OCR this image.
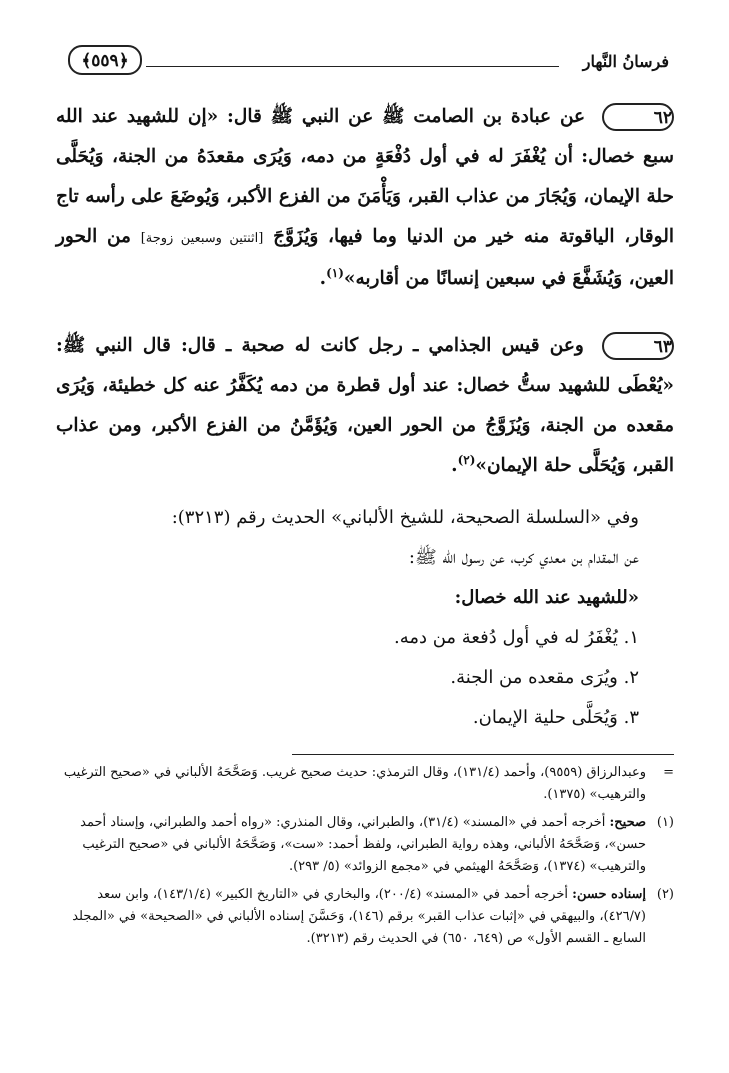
فرسانُ النَّهار
﴿٥٥٩﴾
٦٢ عن عبادة بن الصامت ﷺ عن النبي ﷺ قال: «إن للشهيد عند الله سبع خصال: أن يُغْفَرَ له في أول دُفْعَةٍ من دمه، وَيُرَى مقعدَهُ من الجنة، وَيُحَلَّى حلة الإيمان، وَيُجَارَ من عذاب القبر، وَيَأْمَنَ من الفزع الأكبر، وَيُوضَعَ على رأسه تاج الوقار، الياقوتة منه خير من الدنيا وما فيها، وَيُزَوَّجَ [اثنتين وسبعين زوجة] من الحور العين، وَيُشَفَّعَ في سبعين إنسانًا من أقاربه»$^{(١)}$.
٦٣ وعن قيس الجذامي ـ رجل كانت له صحبة ـ قال: قال النبي ﷺ: «يُعْطَى للشهيد ستُّ خصال: عند أول قطرة من دمه يُكَفَّرُ عنه كل خطيئة، وَيُرَى مقعده من الجنة، وَيُزَوَّجُ من الحور العين، وَيُؤَمَّنُ من الفزع الأكبر، ومن عذاب القبر، وَيُحَلَّى حلة الإيمان»$^{(٢)}$.

وفي «السلسلة الصحيحة، للشيخ الألباني» الحديث رقم (٣٢١٣):

عن المقدام بن معدي كرب، عن رسول الله ﷺ:

«للشهيد عند الله خصال:

١. يُغْفَرُ له في أول دُفعة من دمه.

٢. ويُرَى مقعده من الجنة.

٣. وَيُحَلَّى حلية الإيمان.

=
وعبدالرزاق (٩٥٥٩)، وأحمد (١٣١/٤)، وقال الترمذي: حديث صحيح غريب. وَصَحَّحَهُ الألباني في «صحيح الترغيب والترهيب» (١٣٧٥).
(١)
صحيح: أخرجه أحمد في «المسند» (٣١/٤)، والطبراني، وقال المنذري: «رواه أحمد والطبراني، وإسناد أحمد حسن»، وَصَحَّحَهُ الألباني، وهذه رواية الطبراني، ولفظ أحمد: «ست»، وَصَحَّحَهُ الألباني في «صحيح الترغيب والترهيب» (١٣٧٤)، وَصَحَّحَهُ الهيثمي في «مجمع الزوائد» (٥/ ٢٩٣).
(٢)
إسناده حسن: أخرجه أحمد في «المسند» (٢٠٠/٤)، والبخاري في «التاريخ الكبير» (١٤٣/١/٤)، وابن سعد (٤٢٦/٧)، والبيهقي في «إثبات عذاب القبر» برقم (١٤٦)، وَحَسَّنَ إسناده الألباني في «الصحيحة» في «المجلد السابع ـ القسم الأول» ص (٦٤٩، ٦٥٠) في الحديث رقم (٣٢١٣).
